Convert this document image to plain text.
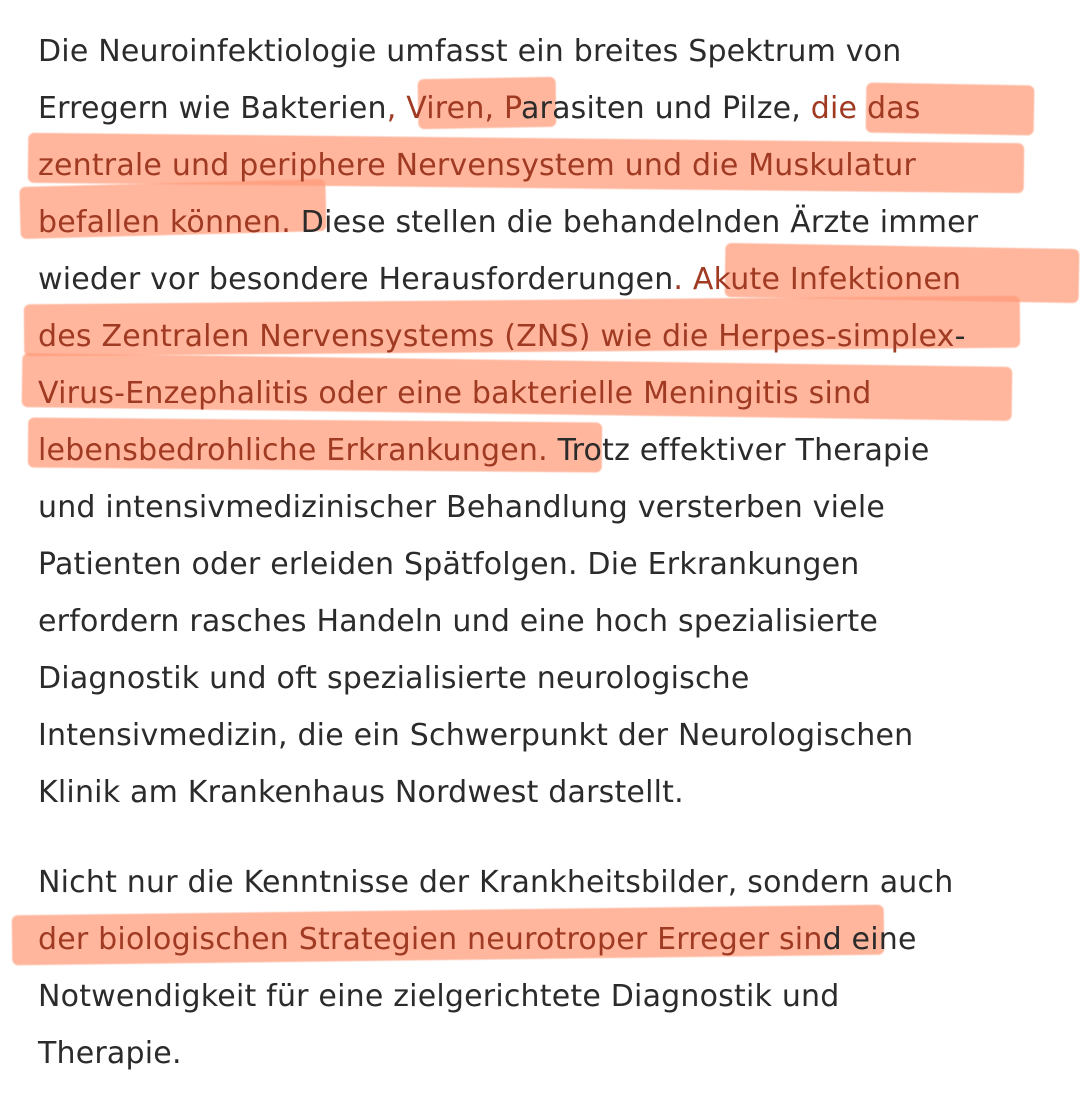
Die Neuroinfektiologie umfasst ein breites Spektrum von
Erregern wie Bakterien, Viren, Parasiten und Pilze, die das
zentrale und periphere Nervensystem und die Muskulatur
befallen können. Diese stellen die behandelnden Ärzte immer
wieder vor besondere Herausforderungen. Akute Infektionen
des Zentralen Nervensystems (ZNS) wie die Herpes-simplex-
Virus-Enzephalitis oder eine bakterielle Meningitis sind
lebensbedrohliche Erkrankungen. Trotz effektiver Therapie
und intensivmedizinischer Behandlung versterben viele
Patienten oder erleiden Spätfolgen. Die Erkrankungen
erfordern rasches Handeln und eine hoch spezialisierte
Diagnostik und oft spezialisierte neurologische
Intensivmedizin, die ein Schwerpunkt der Neurologischen
Klinik am Krankenhaus Nordwest darstellt.
Nicht nur die Kenntnisse der Krankheitsbilder, sondern auch
der biologischen Strategien neurotroper Erreger sind eine
Notwendigkeit für eine zielgerichtete Diagnostik und
Therapie.
